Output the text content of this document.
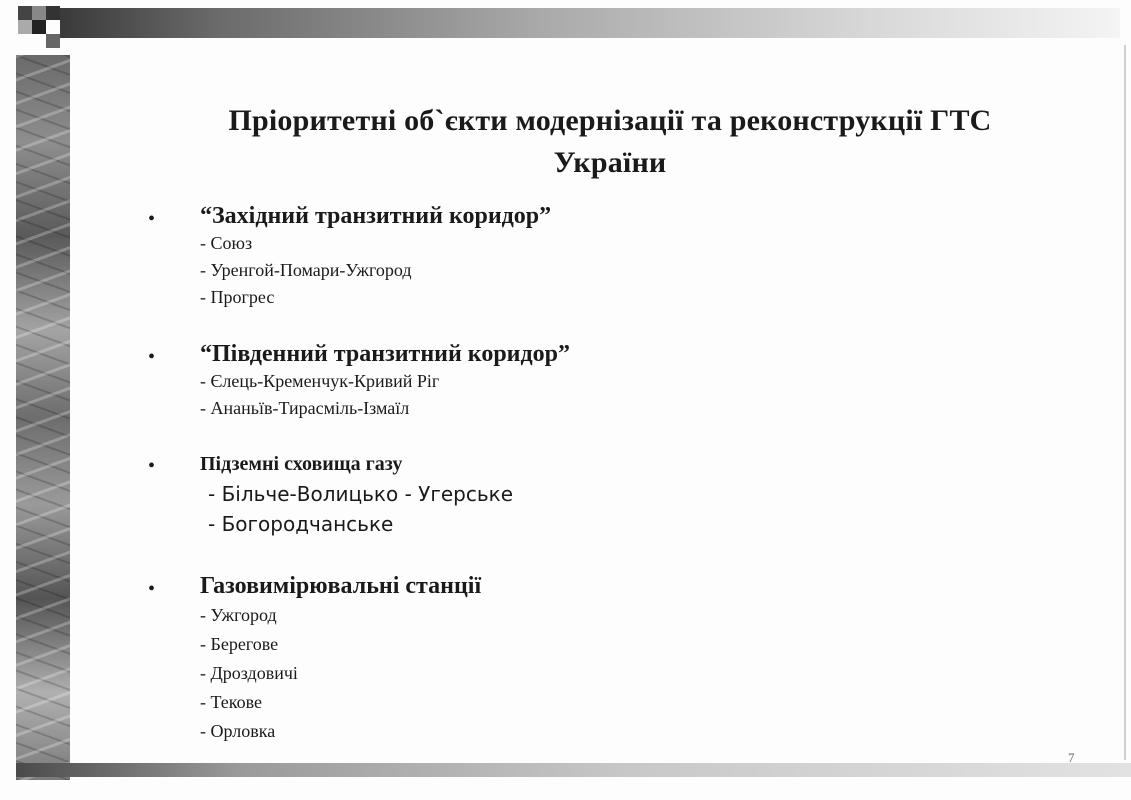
Пріоритетні об`єкти модернізації та реконструкції ГТС
України
• “Західний транзитний коридор”
- Союз
- Уренгой-Помари-Ужгород
- Прогрес
• “Південний транзитний коридор”
- Єлець-Кременчук-Кривий Ріг
- Ананьїв-Тирасміль-Ізмаїл
• Підземні сховища газу
- Більче-Волицько - Угерське
- Богородчанське
• Газовимірювальні станції
- Ужгород
- Берегове
- Дроздовичі
- Текове
- Орловка
7
